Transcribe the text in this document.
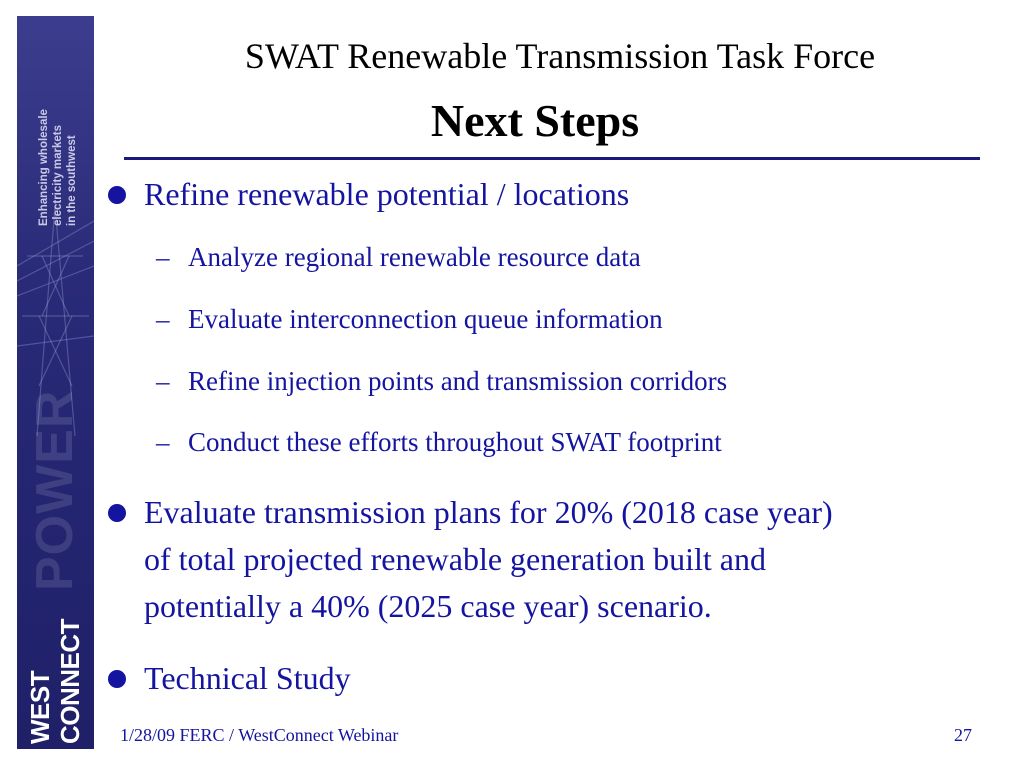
Enhancing wholesale electricity markets in the southwest
POWER
WEST CONNECT
SWAT Renewable Transmission Task Force
Next Steps
Refine renewable potential / locations
– Analyze regional renewable resource data
– Evaluate interconnection queue information
– Refine injection points and transmission corridors
– Conduct these efforts throughout SWAT footprint
Evaluate transmission plans for 20% (2018 case year)
of total projected renewable generation built and
potentially a 40% (2025 case year) scenario.
Technical Study
1/28/09 FERC / WestConnect Webinar	27
